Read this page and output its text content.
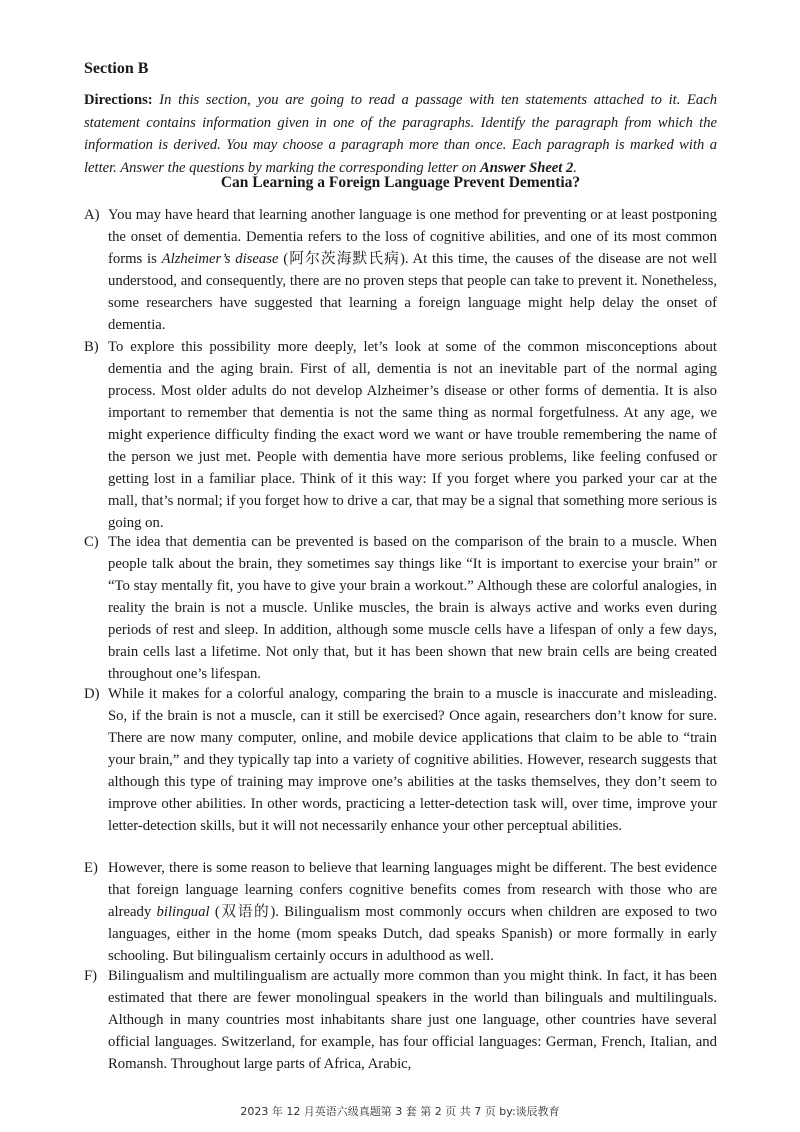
Section B
Directions: In this section, you are going to read a passage with ten statements attached to it. Each statement contains information given in one of the paragraphs. Identify the paragraph from which the information is derived. You may choose a paragraph more than once. Each paragraph is marked with a letter. Answer the questions by marking the corresponding letter on Answer Sheet 2.
Can Learning a Foreign Language Prevent Dementia?
A) You may have heard that learning another language is one method for preventing or at least postponing the onset of dementia. Dementia refers to the loss of cognitive abilities, and one of its most common forms is Alzheimer’s disease (阿尔茨海默氏病). At this time, the causes of the disease are not well understood, and consequently, there are no proven steps that people can take to prevent it. Nonetheless, some researchers have suggested that learning a foreign language might help delay the onset of dementia.
B) To explore this possibility more deeply, let’s look at some of the common misconceptions about dementia and the aging brain. First of all, dementia is not an inevitable part of the normal aging process. Most older adults do not develop Alzheimer’s disease or other forms of dementia. It is also important to remember that dementia is not the same thing as normal forgetfulness. At any age, we might experience difficulty finding the exact word we want or have trouble remembering the name of the person we just met. People with dementia have more serious problems, like feeling confused or getting lost in a familiar place. Think of it this way: If you forget where you parked your car at the mall, that’s normal; if you forget how to drive a car, that may be a signal that something more serious is going on.
C) The idea that dementia can be prevented is based on the comparison of the brain to a muscle. When people talk about the brain, they sometimes say things like “It is important to exercise your brain” or “To stay mentally fit, you have to give your brain a workout.” Although these are colorful analogies, in reality the brain is not a muscle. Unlike muscles, the brain is always active and works even during periods of rest and sleep. In addition, although some muscle cells have a lifespan of only a few days, brain cells last a lifetime. Not only that, but it has been shown that new brain cells are being created throughout one’s lifespan.
D) While it makes for a colorful analogy, comparing the brain to a muscle is inaccurate and misleading. So, if the brain is not a muscle, can it still be exercised? Once again, researchers don’t know for sure. There are now many computer, online, and mobile device applications that claim to be able to “train your brain,” and they typically tap into a variety of cognitive abilities. However, research suggests that although this type of training may improve one’s abilities at the tasks themselves, they don’t seem to improve other abilities. In other words, practicing a letter-detection task will, over time, improve your letter-detection skills, but it will not necessarily enhance your other perceptual abilities.
E) However, there is some reason to believe that learning languages might be different. The best evidence that foreign language learning confers cognitive benefits comes from research with those who are already bilingual (双语的). Bilingualism most commonly occurs when children are exposed to two languages, either in the home (mom speaks Dutch, dad speaks Spanish) or more formally in early schooling. But bilingualism certainly occurs in adulthood as well.
F) Bilingualism and multilingualism are actually more common than you might think. In fact, it has been estimated that there are fewer monolingual speakers in the world than bilinguals and multilinguals. Although in many countries most inhabitants share just one language, other countries have several official languages. Switzerland, for example, has four official languages: German, French, Italian, and Romansh. Throughout large parts of Africa, Arabic,
2023 年 12 月英语六级真题第 3 套 第 2 页 共 7 页 by:谈辰教育
